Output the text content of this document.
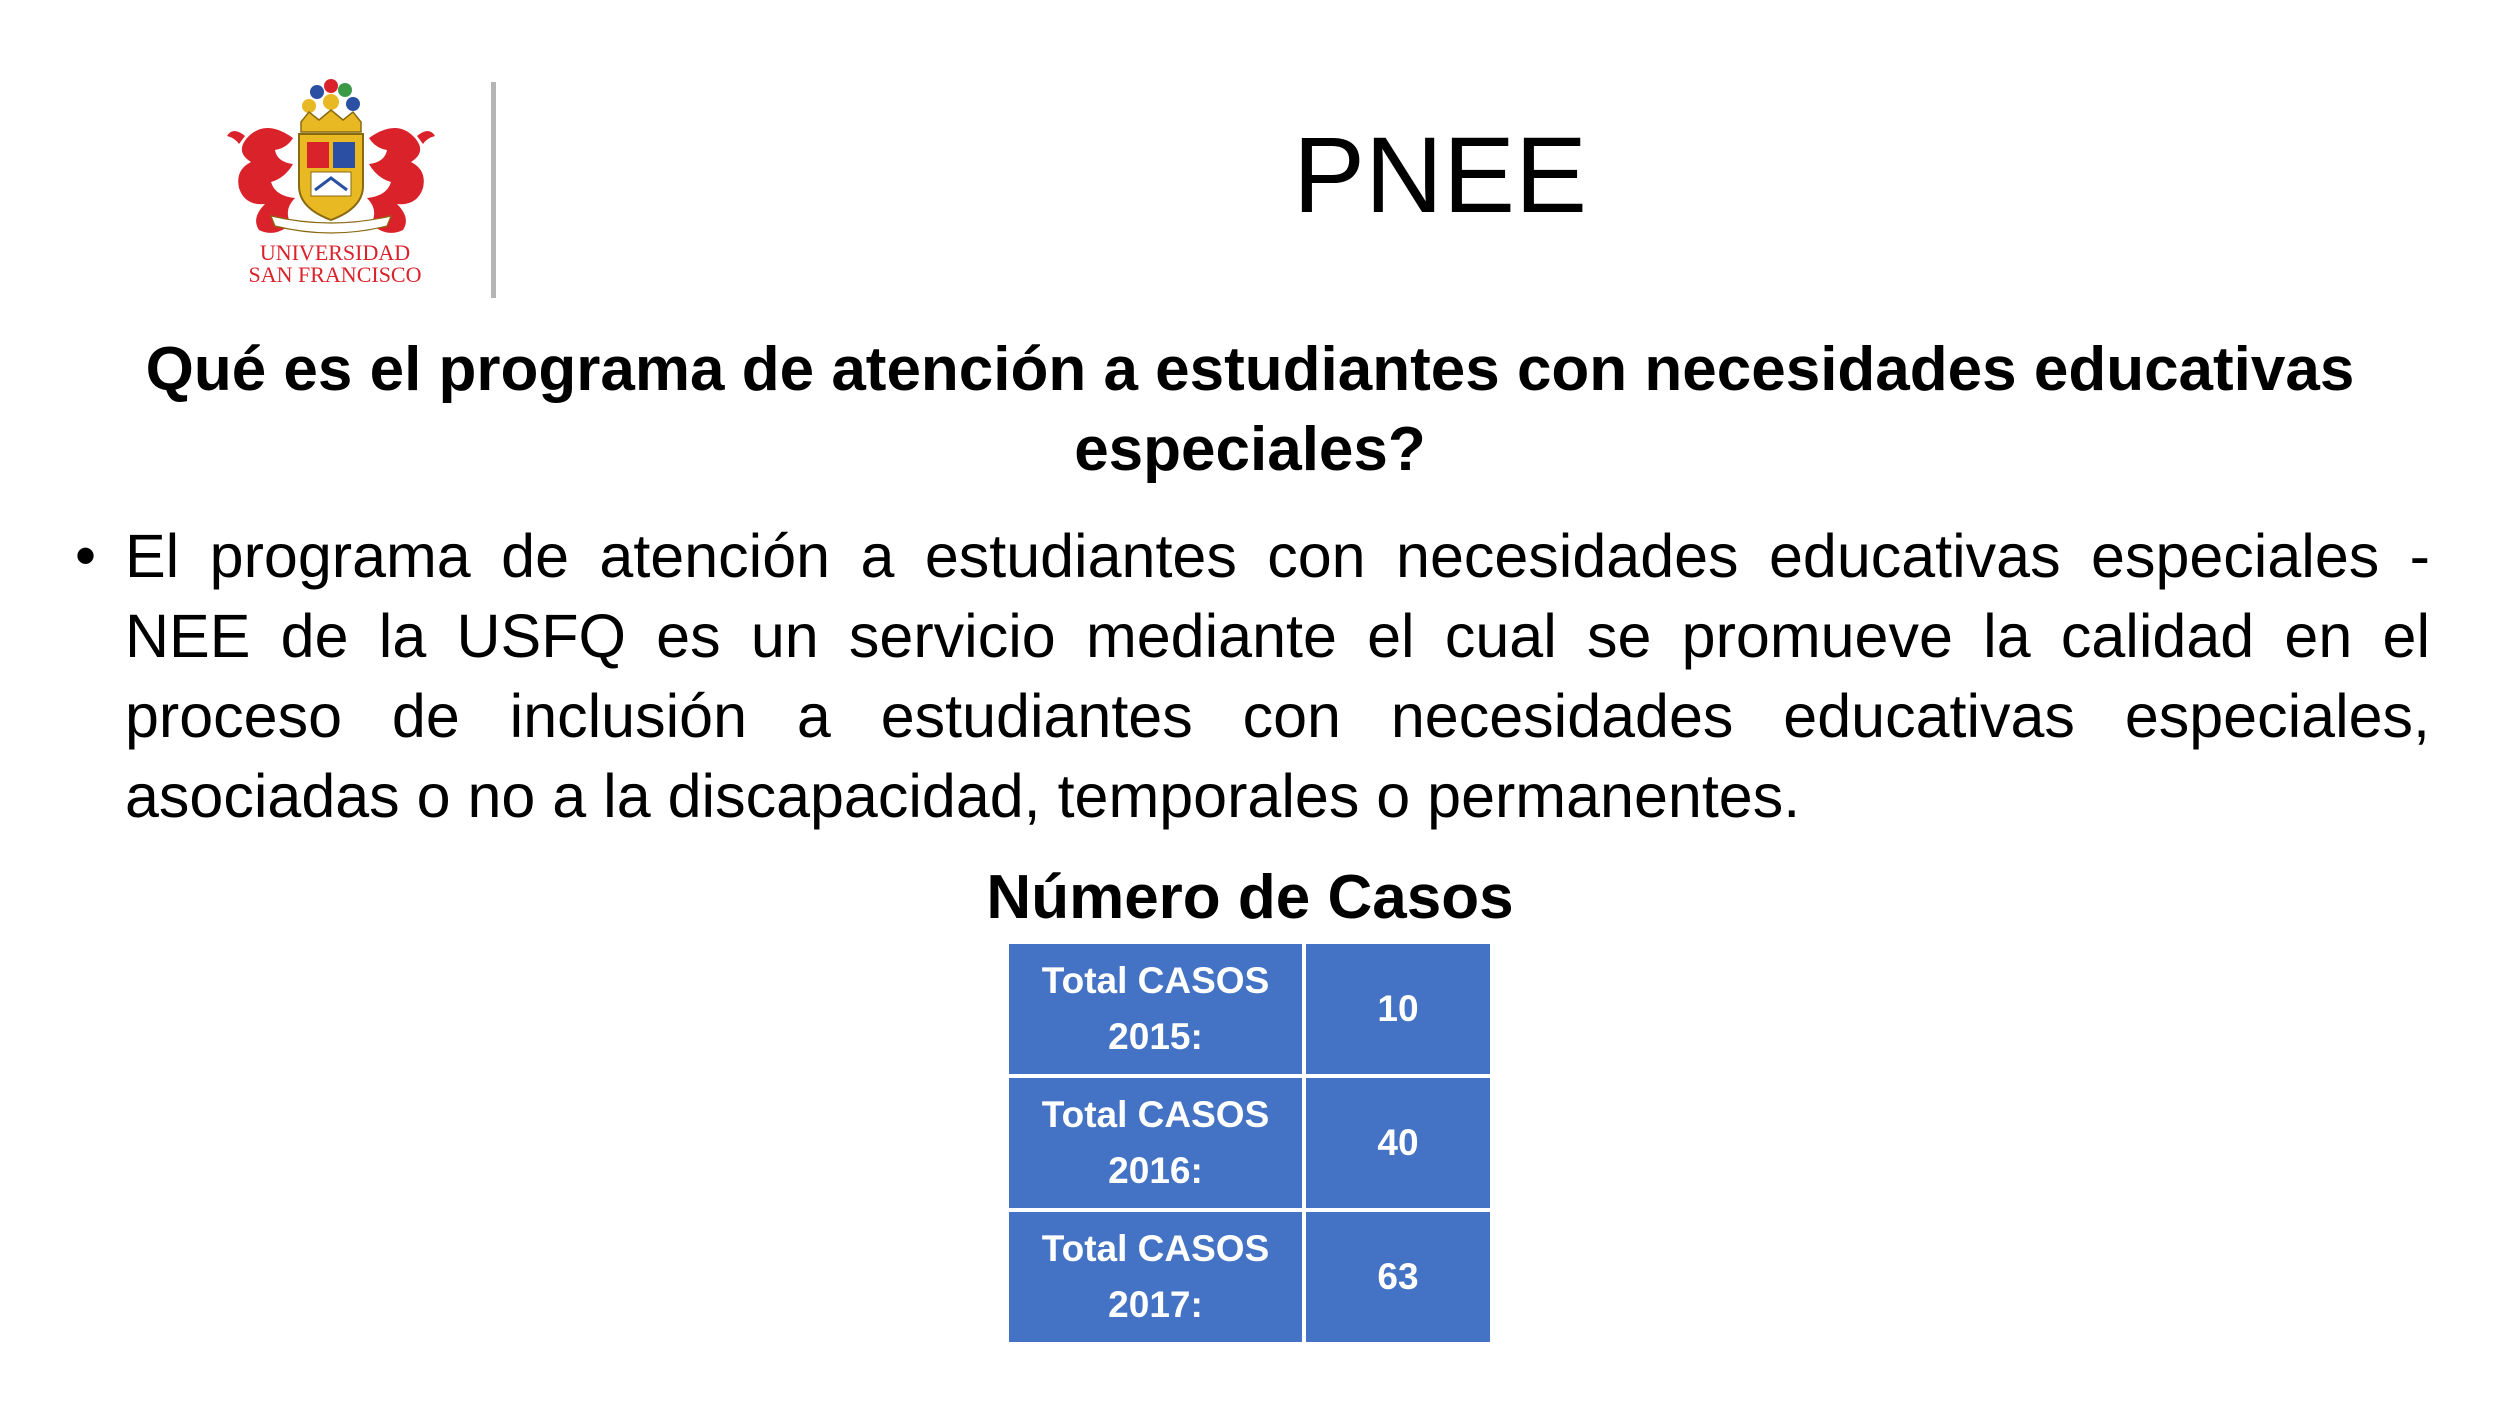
UNIVERSIDAD
SAN FRANCISCO
PNEE
Qué es el programa de atención a estudiantes con necesidades educativas especiales?
• El programa de atención a estudiantes con necesidades educativas especiales - NEE de la USFQ es un servicio mediante el cual se promueve la calidad en el proceso de inclusión a estudiantes con necesidades educativas especiales, asociadas o no a la discapacidad, temporales o permanentes.
Número de Casos
Total CASOS 2015:	10
Total CASOS 2016:	40
Total CASOS 2017:	63
